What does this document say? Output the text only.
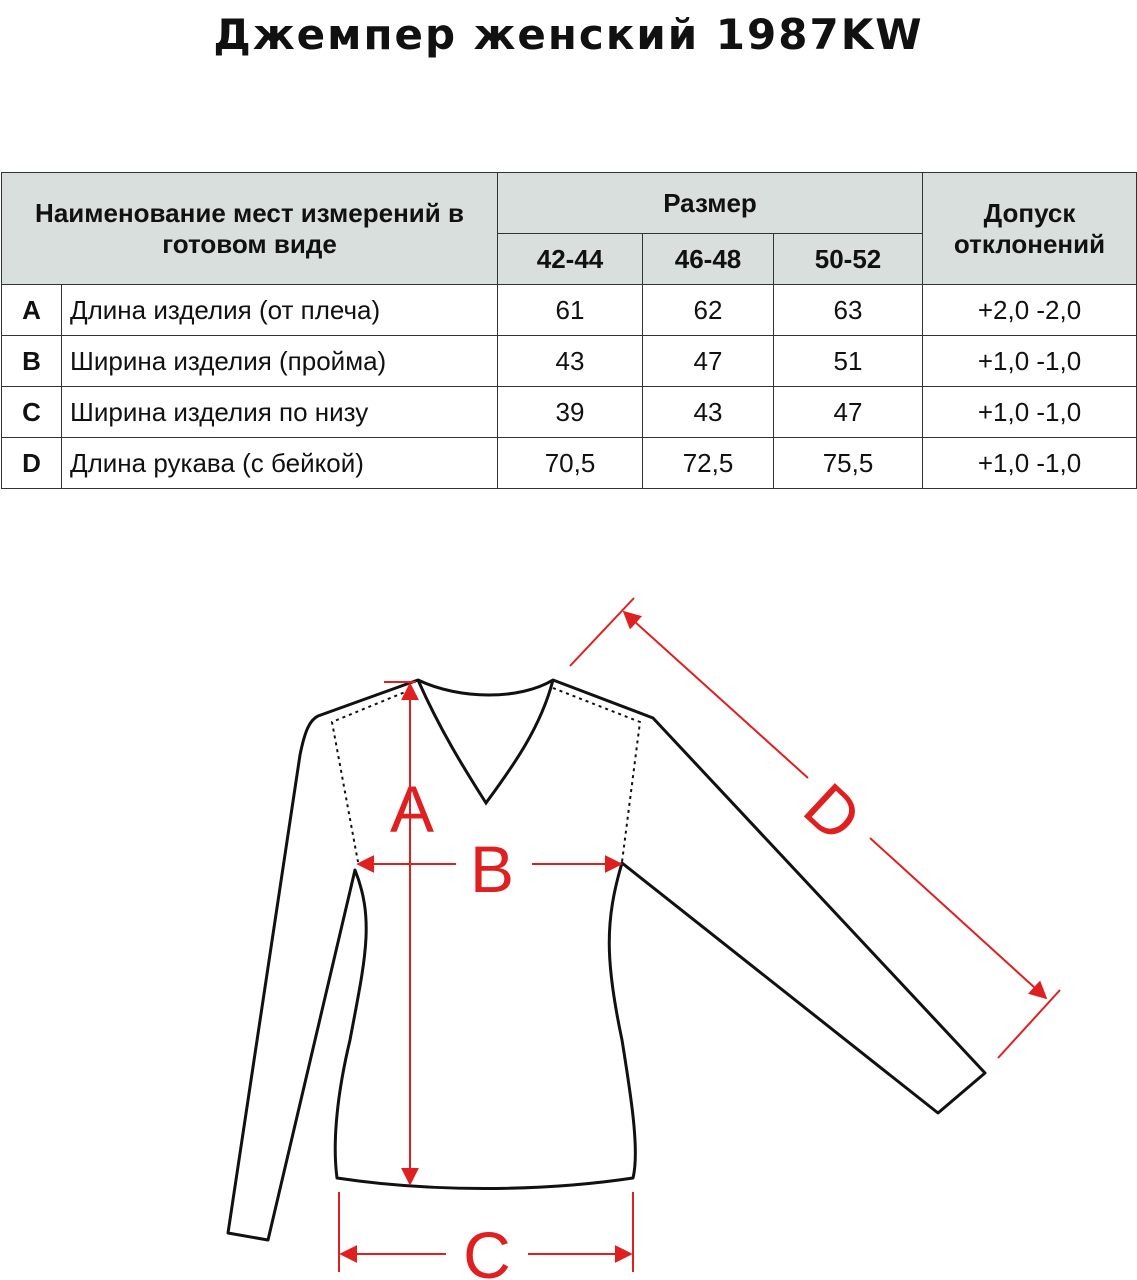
Джемпер женский 1987KW
Наименование мест измерений в готовом виде		Размер			Допуск отклонений
		42-44	46-48	50-52	
A	Длина изделия (от плеча)	61	62	63	+2,0 -2,0
B	Ширина изделия (пройма)	43	47	51	+1,0 -1,0
C	Ширина изделия по низу	39	43	47	+1,0 -1,0
D	Длина рукава (с бейкой)	70,5	72,5	75,5	+1,0 -1,0
A
B
C
D
